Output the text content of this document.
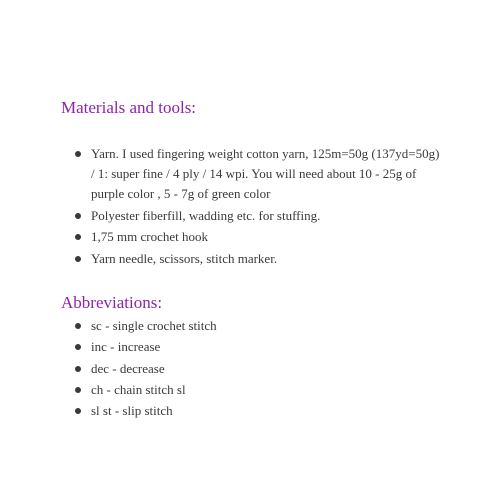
Materials and tools:
Yarn. I used fingering weight cotton yarn, 125m=50g (137yd=50g) / 1: super fine / 4 ply / 14 wpi. You will need about 10 - 25g of purple color , 5 - 7g of green color
Polyester fiberfill, wadding etc. for stuffing.
1,75 mm crochet hook
Yarn needle, scissors, stitch marker.
Abbreviations:
sc - single crochet stitch
inc - increase
dec - decrease
ch - chain stitch sl
sl st - slip stitch
